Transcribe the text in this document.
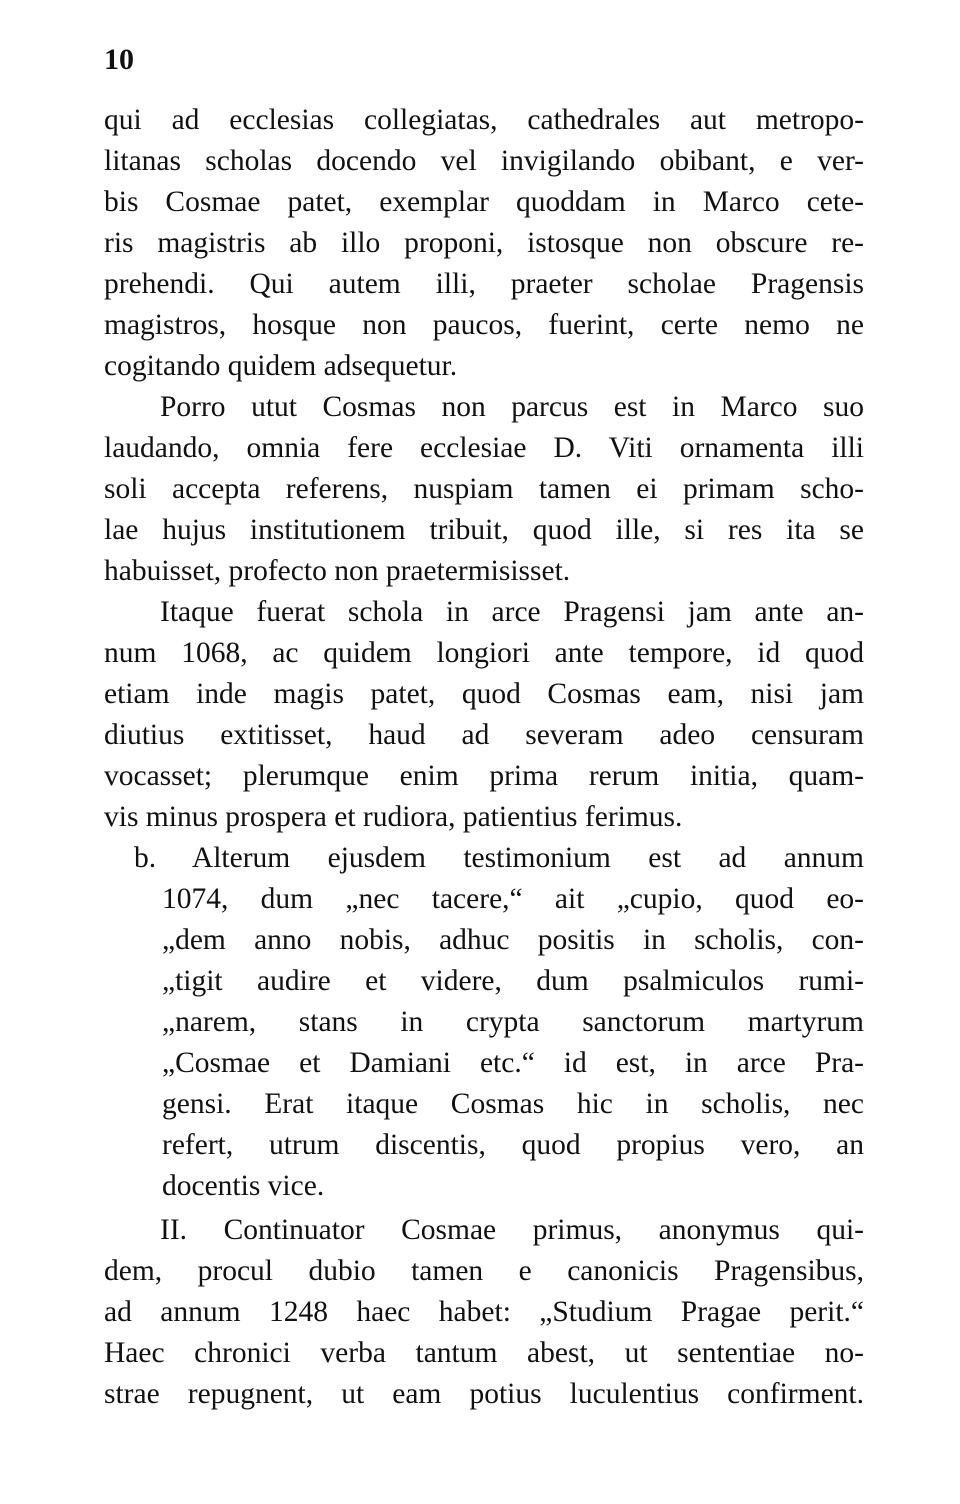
10
qui ad ecclesias collegiatas, cathedrales aut metropo-
litanas scholas docendo vel invigilando obibant, e ver-
bis Cosmae patet, exemplar quoddam in Marco cete-
ris magistris ab illo proponi, istosque non obscure re-
prehendi. Qui autem illi, praeter scholae Pragensis
magistros, hosque non paucos, fuerint, certe nemo ne
cogitando quidem adsequetur.
Porro utut Cosmas non parcus est in Marco suo
laudando, omnia fere ecclesiae D. Viti ornamenta illi
soli accepta referens, nuspiam tamen ei primam scho-
lae hujus institutionem tribuit, quod ille, si res ita se
habuisset, profecto non praetermisisset.
Itaque fuerat schola in arce Pragensi jam ante an-
num 1068, ac quidem longiori ante tempore, id quod
etiam inde magis patet, quod Cosmas eam, nisi jam
diutius extitisset, haud ad severam adeo censuram
vocasset; plerumque enim prima rerum initia, quam-
vis minus prospera et rudiora, patientius ferimus.
b. Alterum ejusdem testimonium est ad annum
1074, dum „nec tacere,“ ait „cupio, quod eo-
„dem anno nobis, adhuc positis in scholis, con-
„tigit audire et videre, dum psalmiculos rumi-
„narem, stans in crypta sanctorum martyrum
„Cosmae et Damiani etc.“ id est, in arce Pra-
gensi. Erat itaque Cosmas hic in scholis, nec
refert, utrum discentis, quod propius vero, an
docentis vice.
II. Continuator Cosmae primus, anonymus qui-
dem, procul dubio tamen e canonicis Pragensibus,
ad annum 1248 haec habet: „Studium Pragae perit.“
Haec chronici verba tantum abest, ut sententiae no-
strae repugnent, ut eam potius luculentius confirment.
